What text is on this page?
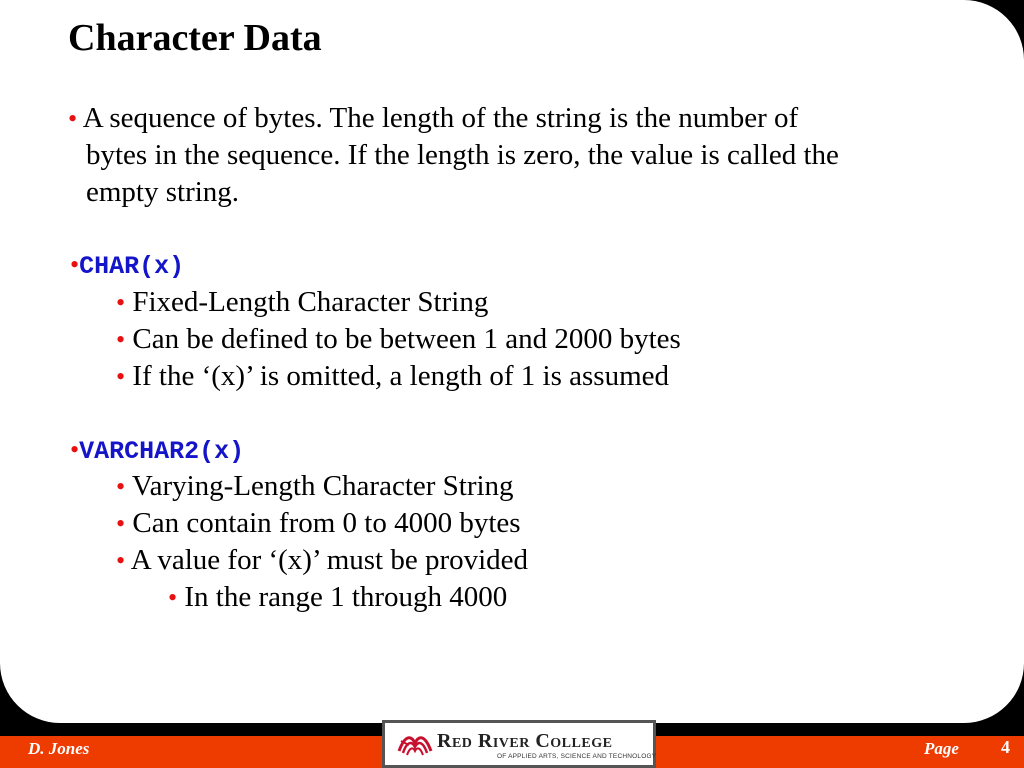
Character Data
• A sequence of bytes. The length of the string is the number of
bytes in the sequence. If the length is zero, the value is called the
empty string.
•CHAR(x)
• Fixed-Length Character String
• Can be defined to be between 1 and 2000 bytes
• If the ‘(x)’ is omitted, a length of 1 is assumed
•VARCHAR2(x)
• Varying-Length Character String
• Can contain from 0 to 4000 bytes
• A value for ‘(x)’ must be provided
• In the range 1 through 4000
D. Jones	Page 4
Red River College
OF APPLIED ARTS, SCIENCE AND TECHNOLOGY
